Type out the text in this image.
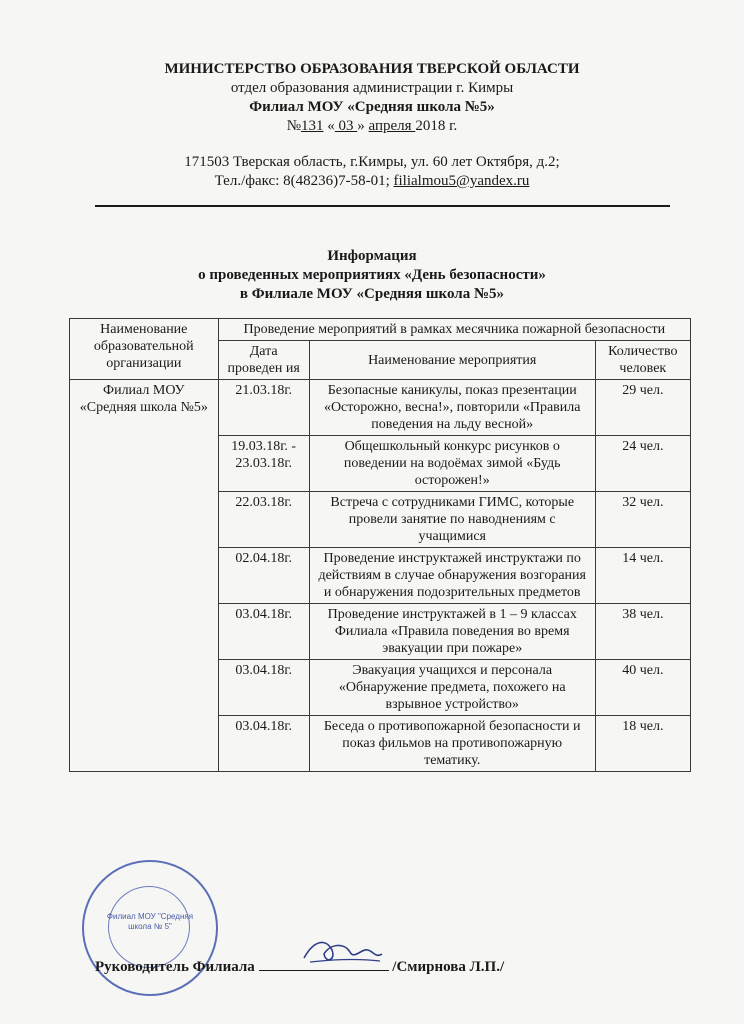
МИНИСТЕРСТВО ОБРАЗОВАНИЯ ТВЕРСКОЙ ОБЛАСТИ
отдел образования администрации г. Кимры
Филиал МОУ «Средняя школа №5»
№131 « 03 » апреля 2018 г.
171503 Тверская область, г.Кимры, ул. 60 лет Октября, д.2;
Тел./факс: 8(48236)7-58-01; filialmou5@yandex.ru
Информация
о проведенных мероприятиях «День безопасности»
в Филиале МОУ «Средняя школа №5»
Наименование образовательной организации	Проведение мероприятий в рамках месячника пожарной безопасности		
	Дата проведен ия	Наименование мероприятия	Количество человек
Филиал МОУ «Средняя школа №5»	21.03.18г.	Безопасные каникулы, показ презентации «Осторожно, весна!», повторили «Правила поведения на льду весной»	29 чел.
	19.03.18г. - 23.03.18г.	Общешкольный конкурс рисунков о поведении на водоёмах зимой «Будь осторожен!»	24 чел.
	22.03.18г.	Встреча с сотрудниками ГИМС, которые провели занятие по наводнениям с учащимися	32 чел.
	02.04.18г.	Проведение инструктажей инструктажи по действиям в случае обнаружения возгорания и обнаружения подозрительных предметов	14 чел.
	03.04.18г.	Проведение инструктажей в 1 – 9 классах Филиала «Правила поведения во время эвакуации при пожаре»	38 чел.
	03.04.18г.	Эвакуация учащихся и персонала «Обнаружение предмета, похожего на взрывное устройство»	40 чел.
	03.04.18г.	Беседа о противопожарной безопасности и показ фильмов на противопожарную тематику.	18 чел.
Филиал МОУ "Средняя школа № 5"
Руководитель Филиала	/Смирнова Л.П./
